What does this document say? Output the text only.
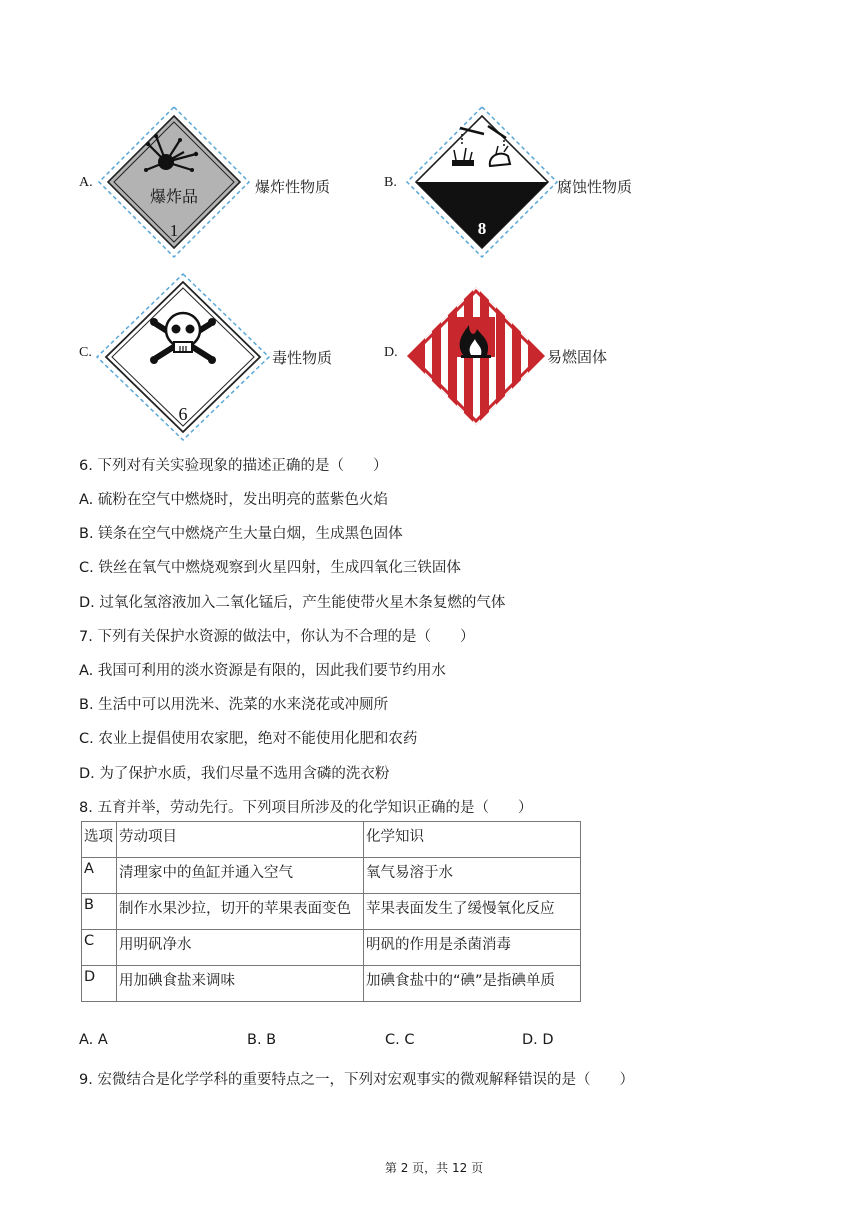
A.
爆炸品
1
爆炸性物质	B.
8
腐蚀性物质
C.
6
毒性物质	D.	易燃固体
6. 下列对有关实验现象的描述正确的是（　　）
A. 硫粉在空气中燃烧时，发出明亮的蓝紫色火焰
B. 镁条在空气中燃烧产生大量白烟，生成黑色固体
C. 铁丝在氧气中燃烧观察到火星四射，生成四氧化三铁固体
D. 过氧化氢溶液加入二氧化锰后，产生能使带火星木条复燃的气体
7. 下列有关保护水资源的做法中，你认为不合理的是（　　）
A. 我国可利用的淡水资源是有限的，因此我们要节约用水
B. 生活中可以用洗米、洗菜的水来浇花或冲厕所
C. 农业上提倡使用农家肥，绝对不能使用化肥和农药
D. 为了保护水质，我们尽量不选用含磷的洗衣粉
8. 五育并举，劳动先行。下列项目所涉及的化学知识正确的是（　　）
选项	劳动项目	化学知识
A	清理家中的鱼缸并通入空气	氧气易溶于水
B	制作水果沙拉，切开的苹果表面变色	苹果表面发生了缓慢氧化反应
C	用明矾净水	明矾的作用是杀菌消毒
D	用加碘食盐来调味	加碘食盐中的“碘”是指碘单质
A. A	B. B	C. C	D. D
9. 宏微结合是化学学科的重要特点之一，下列对宏观事实的微观解释错误的是（　　）
第 2 页，共 12 页
